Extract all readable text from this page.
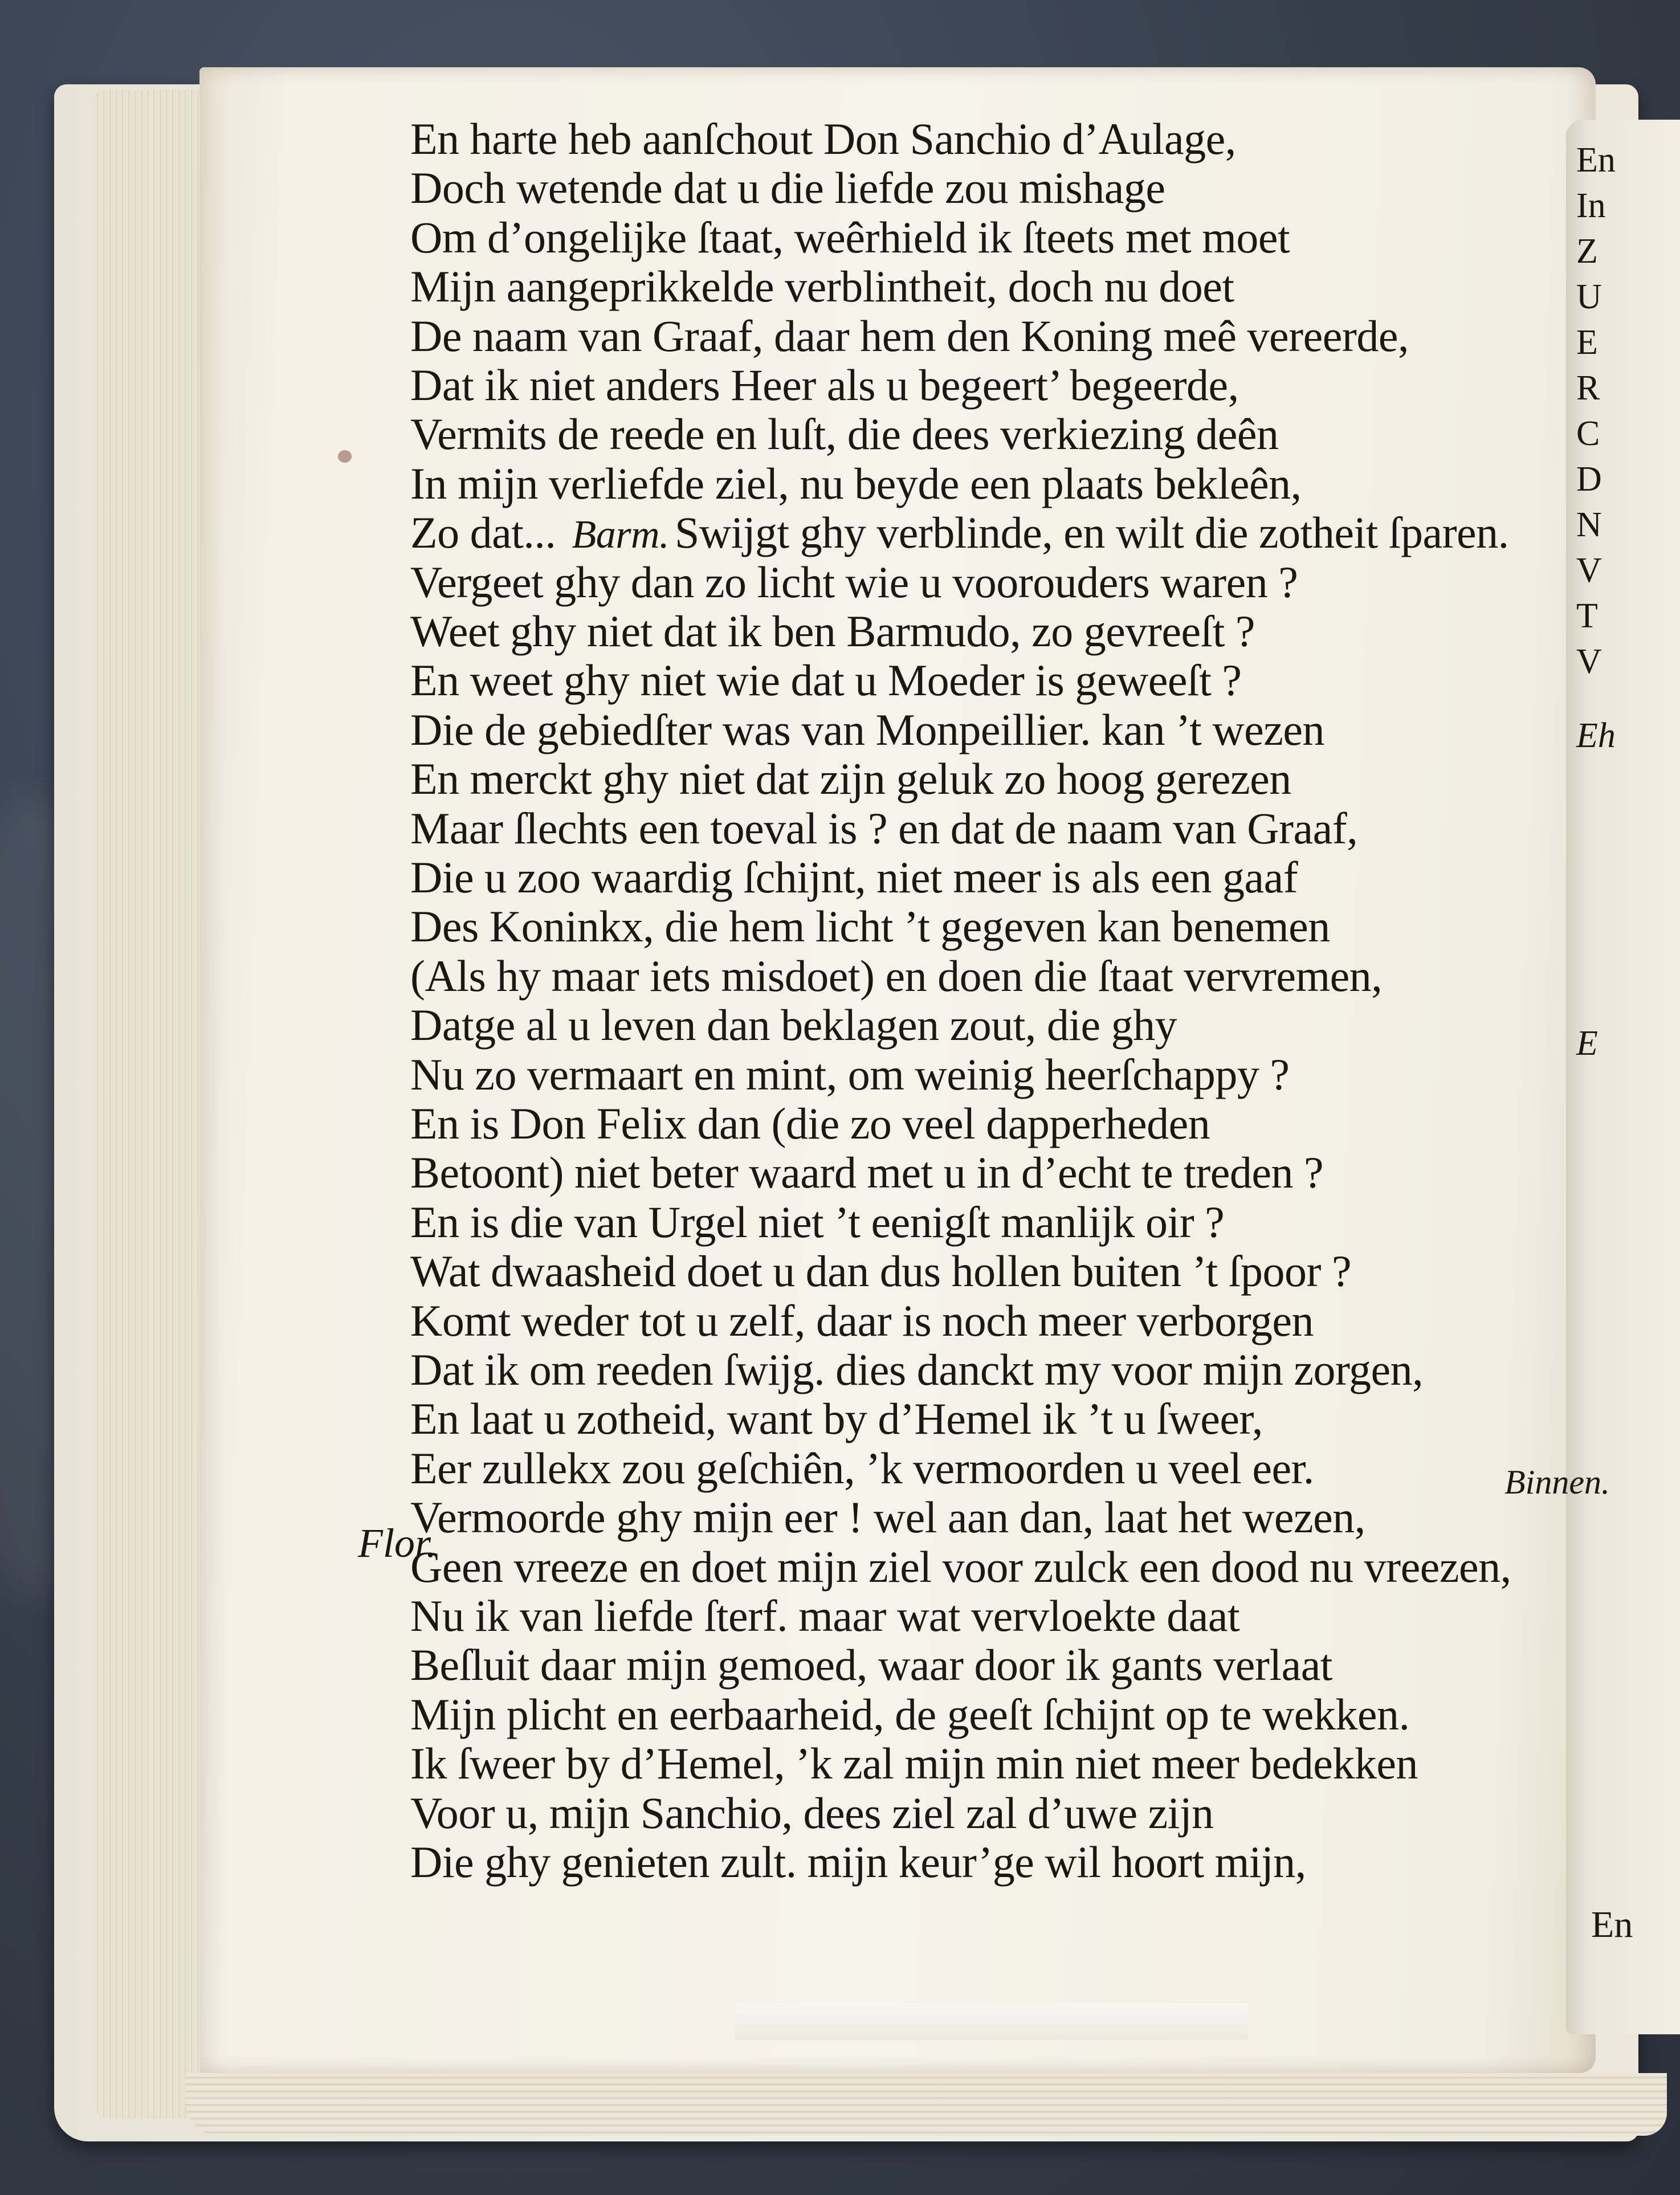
En
In
Z
U
E
R
C
D
N
V
T
V
Eh
E
En harte heb aanſchout Don Sanchio d’Aulage,
Doch wetende dat u die liefde zou mishage
Om d’ongelijke ſtaat, weêrhield ik ſteets met moet
Mijn aangeprikkelde verblintheit, doch nu doet
De naam van Graaf, daar hem den Koning meê vereerde,
Dat ik niet anders Heer als u begeert’ begeerde,
Vermits de reede en luſt, die dees verkiezing deên
In mijn verliefde ziel, nu beyde een plaats bekleên,
Zo dat... Barm. Swijgt ghy verblinde, en wilt die zotheit ſparen.
Vergeet ghy dan zo licht wie u voorouders waren ?
Weet ghy niet dat ik ben Barmudo, zo gevreeſt ?
En weet ghy niet wie dat u Moeder is geweeſt ?
Die de gebiedſter was van Monpeillier. kan ’t wezen
En merckt ghy niet dat zijn geluk zo hoog gerezen
Maar ſlechts een toeval is ? en dat de naam van Graaf,
Die u zoo waardig ſchijnt, niet meer is als een gaaf
Des Koninkx, die hem licht ’t gegeven kan benemen
(Als hy maar iets misdoet) en doen die ſtaat vervremen,
Datge al u leven dan beklagen zout, die ghy
Nu zo vermaart en mint, om weinig heerſchappy ?
En is Don Felix dan (die zo veel dapperheden
Betoont) niet beter waard met u in d’echt te treden ?
En is die van Urgel niet ’t eenigſt manlijk oir ?
Wat dwaasheid doet u dan dus hollen buiten ’t ſpoor ?
Komt weder tot u zelf, daar is noch meer verborgen
Dat ik om reeden ſwijg. dies danckt my voor mijn zorgen,
En laat u zotheid, want by d’Hemel ik ’t u ſweer,
Eer zullekx zou geſchiên, ’k vermoorden u veel eer.
Vermoorde ghy mijn eer ! wel aan dan, laat het wezen,
Geen vreeze en doet mijn ziel voor zulck een dood nu vreezen,
Nu ik van liefde ſterf. maar wat vervloekte daat
Beſluit daar mijn gemoed, waar door ik gants verlaat
Mijn plicht en eerbaarheid, de geeſt ſchijnt op te wekken.
Ik ſweer by d’Hemel, ’k zal mijn min niet meer bedekken
Voor u, mijn Sanchio, dees ziel zal d’uwe zijn
Die ghy genieten zult. mijn keur’ge wil hoort mijn,
Flor.
Binnen.
En
